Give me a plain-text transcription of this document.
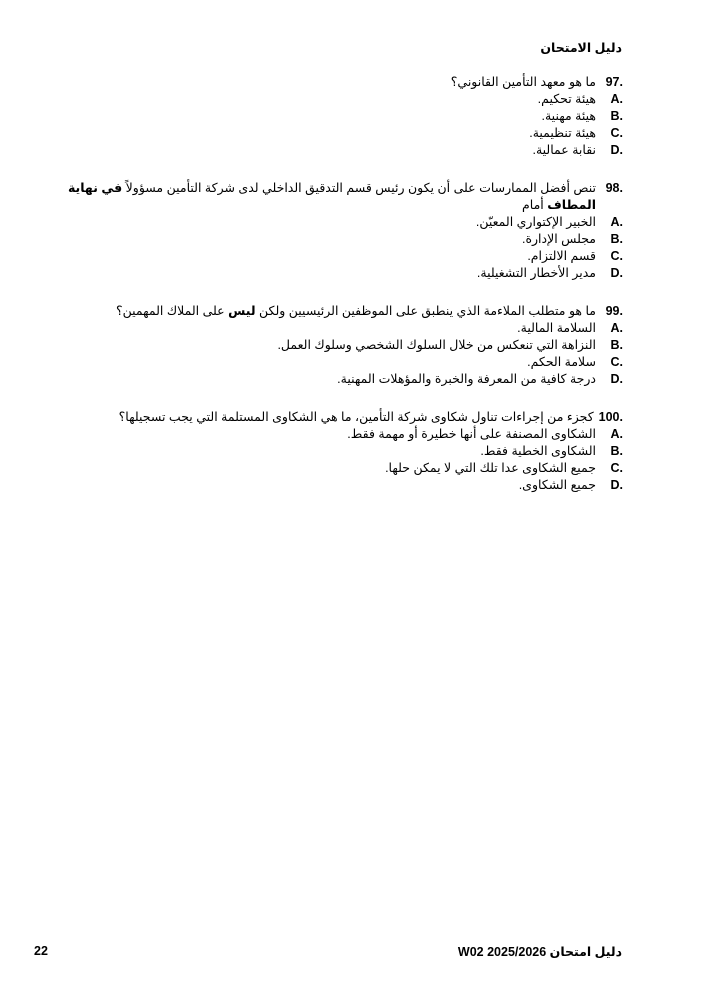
دليل الامتحان
97.
ما هو معهد التأمين القانوني؟
A.
هيئة تحكيم.
B.
هيئة مهنية.
C.
هيئة تنظيمية.
D.
نقابة عمالية.
98.
تنص أفضل الممارسات على أن يكون رئيس قسم التدقيق الداخلي لدى شركة التأمين مسؤولاً في نهاية المطاف أمام
A.
الخبير الإكتواري المعيّن.
B.
مجلس الإدارة.
C.
قسم الالتزام.
D.
مدير الأخطار التشغيلية.
99.
ما هو متطلب الملاءمة الذي ينطبق على الموظفين الرئيسيين ولكن ليس على الملاك المهمين؟
A.
السلامة المالية.
B.
النزاهة التي تنعكس من خلال السلوك الشخصي وسلوك العمل.
C.
سلامة الحكم.
D.
درجة كافية من المعرفة والخبرة والمؤهلات المهنية.
100.
كجزء من إجراءات تناول شكاوى شركة التأمين، ما هي الشكاوى المستلمة التي يجب تسجيلها؟
A.
الشكاوى المصنفة على أنها خطيرة أو مهمة فقط.
B.
الشكاوى الخطية فقط.
C.
جميع الشكاوى عدا تلك التي لا يمكن حلها.
D.
جميع الشكاوى.
22	دليل امتحان 2025/2026 W02
